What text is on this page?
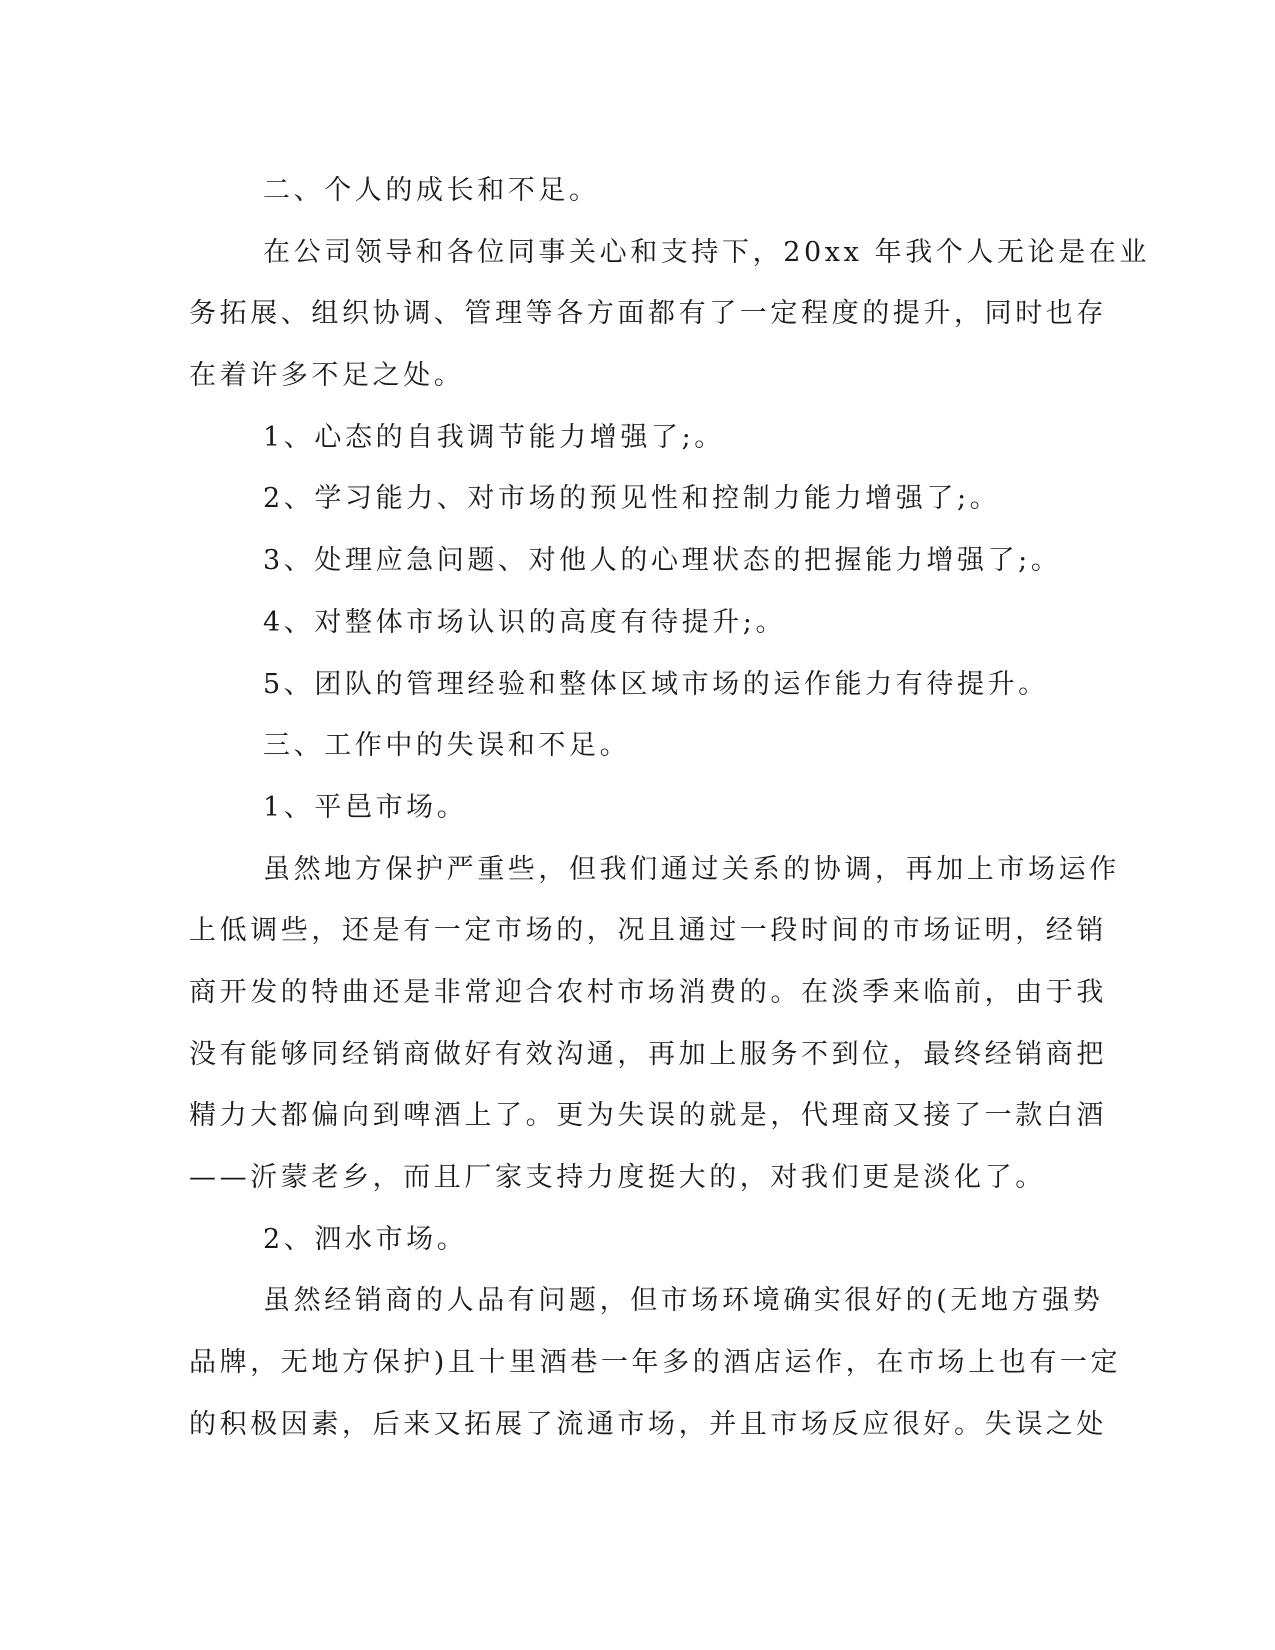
二、个人的成长和不足。
在公司领导和各位同事关心和支持下，20xx 年我个人无论是在业
务拓展、组织协调、管理等各方面都有了一定程度的提升，同时也存
在着许多不足之处。
1、心态的自我调节能力增强了;。
2、学习能力、对市场的预见性和控制力能力增强了;。
3、处理应急问题、对他人的心理状态的把握能力增强了;。
4、对整体市场认识的高度有待提升;。
5、团队的管理经验和整体区域市场的运作能力有待提升。
三、工作中的失误和不足。
1、平邑市场。
虽然地方保护严重些，但我们通过关系的协调，再加上市场运作
上低调些，还是有一定市场的，况且通过一段时间的市场证明，经销
商开发的特曲还是非常迎合农村市场消费的。在淡季来临前，由于我
没有能够同经销商做好有效沟通，再加上服务不到位，最终经销商把
精力大都偏向到啤酒上了。更为失误的就是，代理商又接了一款白酒
——沂蒙老乡，而且厂家支持力度挺大的，对我们更是淡化了。
2、泗水市场。
虽然经销商的人品有问题，但市场环境确实很好的(无地方强势
品牌，无地方保护)且十里酒巷一年多的酒店运作，在市场上也有一定
的积极因素，后来又拓展了流通市场，并且市场反应很好。失误之处
